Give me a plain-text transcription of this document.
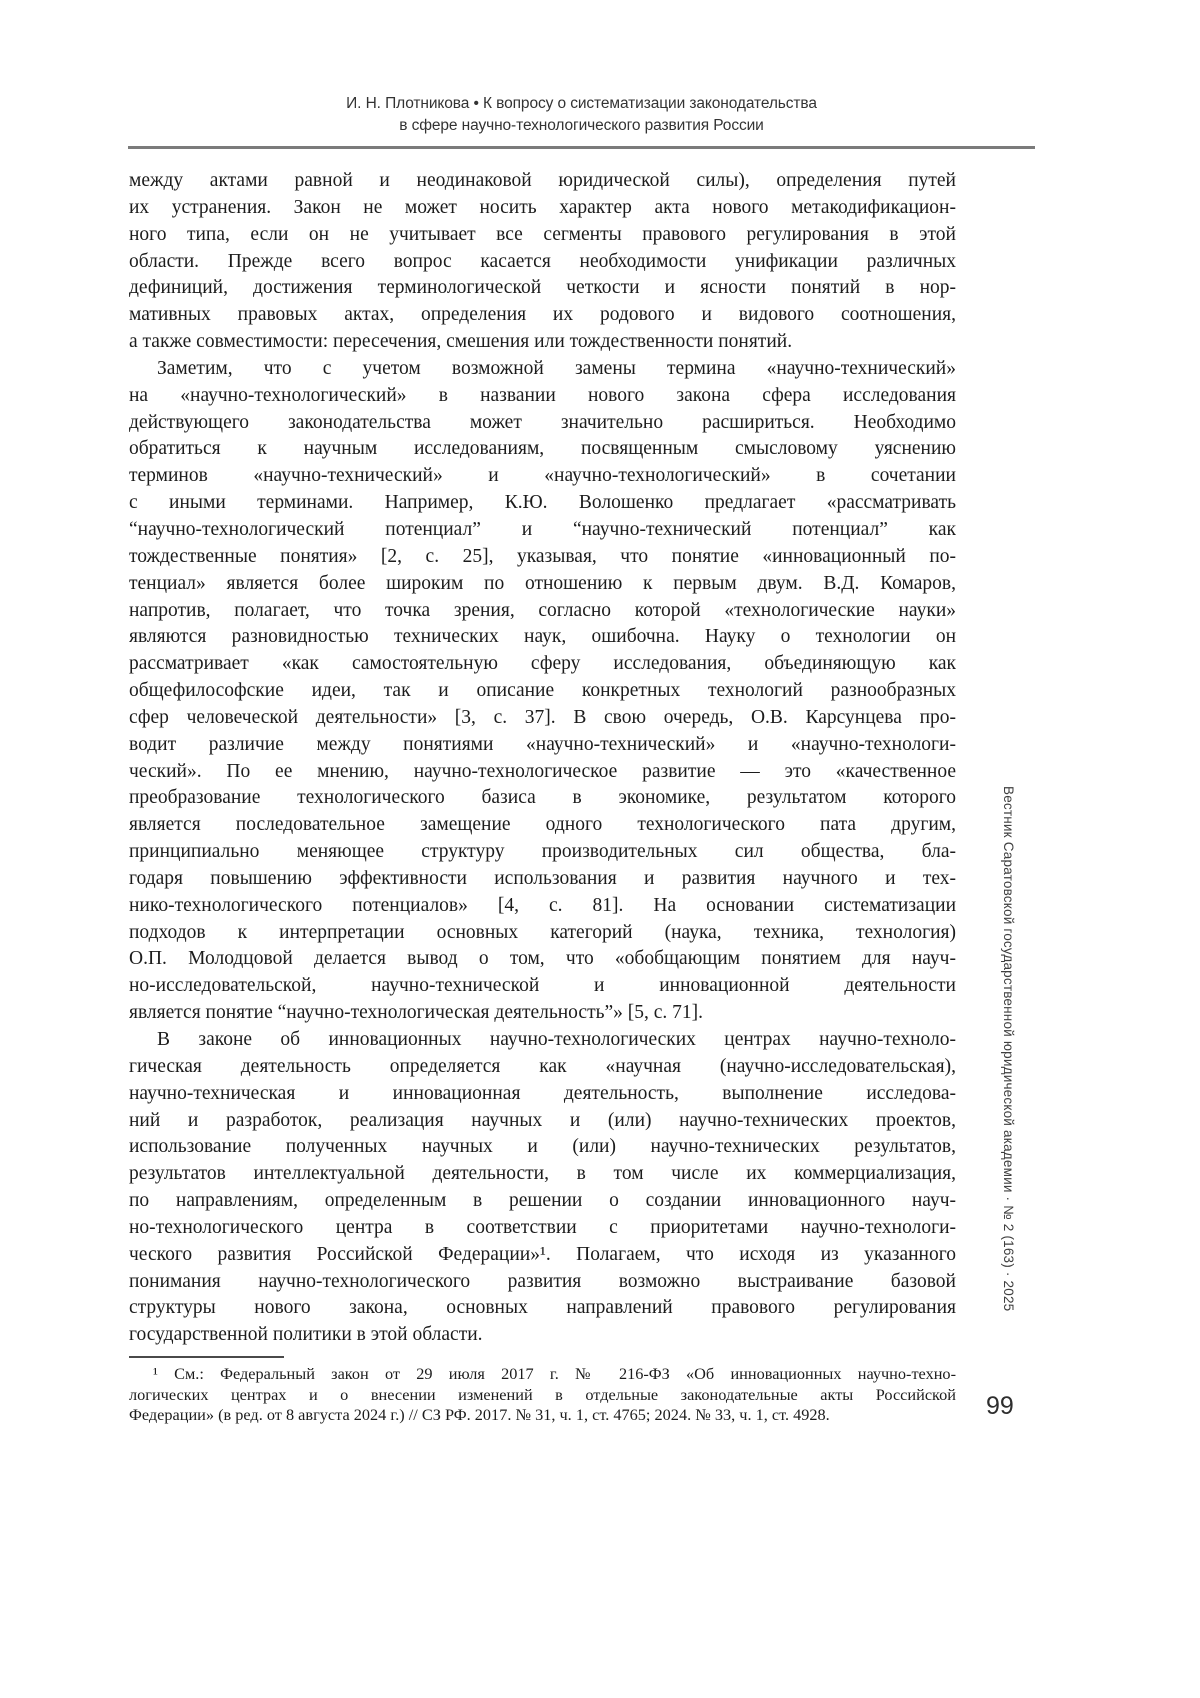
И. Н. Плотникова • К вопросу о систематизации законодательства
в сфере научно-технологического развития России
между актами равной и неодинаковой юридической силы), определения путей
их устранения. Закон не может носить характер акта нового метакодификацион-
ного типа, если он не учитывает все сегменты правового регулирования в этой
области. Прежде всего вопрос касается необходимости унификации различных
дефиниций, достижения терминологической четкости и ясности понятий в нор-
мативных правовых актах, определения их родового и видового соотношения,
а также совместимости: пересечения, смешения или тождественности понятий.
Заметим, что с учетом возможной замены термина «научно-технический»
на «научно-технологический» в названии нового закона сфера исследования
действующего законодательства может значительно расшириться. Необходимо
обратиться к научным исследованиям, посвященным смысловому уяснению
терминов «научно-технический» и «научно-технологический» в сочетании
с иными терминами. Например, К.Ю. Волошенко предлагает «рассматривать
“научно-технологический потенциал” и “научно-технический потенциал” как
тождественные понятия» [2, с. 25], указывая, что понятие «инновационный по-
тенциал» является более широким по отношению к первым двум. В.Д. Комаров,
напротив, полагает, что точка зрения, согласно которой «технологические науки»
являются разновидностью технических наук, ошибочна. Науку о технологии он
рассматривает «как самостоятельную сферу исследования, объединяющую как
общефилософские идеи, так и описание конкретных технологий разнообразных
сфер человеческой деятельности» [3, с. 37]. В свою очередь, О.В. Карсунцева про-
водит различие между понятиями «научно-технический» и «научно-технологи-
ческий». По ее мнению, научно-технологическое развитие — это «качественное
преобразование технологического базиса в экономике, результатом которого
является последовательное замещение одного технологического пата другим,
принципиально меняющее структуру производительных сил общества, бла-
годаря повышению эффективности использования и развития научного и тех-
нико-технологического потенциалов» [4, с. 81]. На основании систематизации
подходов к интерпретации основных категорий (наука, техника, технология)
О.П. Молодцовой делается вывод о том, что «обобщающим понятием для науч-
но-исследовательской, научно-технической и инновационной деятельности
является понятие “научно-технологическая деятельность”» [5, с. 71].
В законе об инновационных научно-технологических центрах научно-техноло-
гическая деятельность определяется как «научная (научно-исследовательская),
научно-техническая и инновационная деятельность, выполнение исследова-
ний и разработок, реализация научных и (или) научно-технических проектов,
использование полученных научных и (или) научно-технических результатов,
результатов интеллектуальной деятельности, в том числе их коммерциализация,
по направлениям, определенным в решении о создании инновационного науч-
но-технологического центра в соответствии с приоритетами научно-технологи-
ческого развития Российской Федерации»¹. Полагаем, что исходя из указанного
понимания научно-технологического развития возможно выстраивание базовой
структуры нового закона, основных направлений правового регулирования
государственной политики в этой области.
¹ См.: Федеральный закон от 29 июля 2017 г. № 216-ФЗ «Об инновационных научно-техно-
логических центрах и о внесении изменений в отдельные законодательные акты Российской
Федерации» (в ред. от 8 августа 2024 г.) // СЗ РФ. 2017. № 31, ч. 1, ст. 4765; 2024. № 33, ч. 1, ст. 4928.
Вестник Саратовской государственной юридической академии · № 2 (163) · 2025
99
